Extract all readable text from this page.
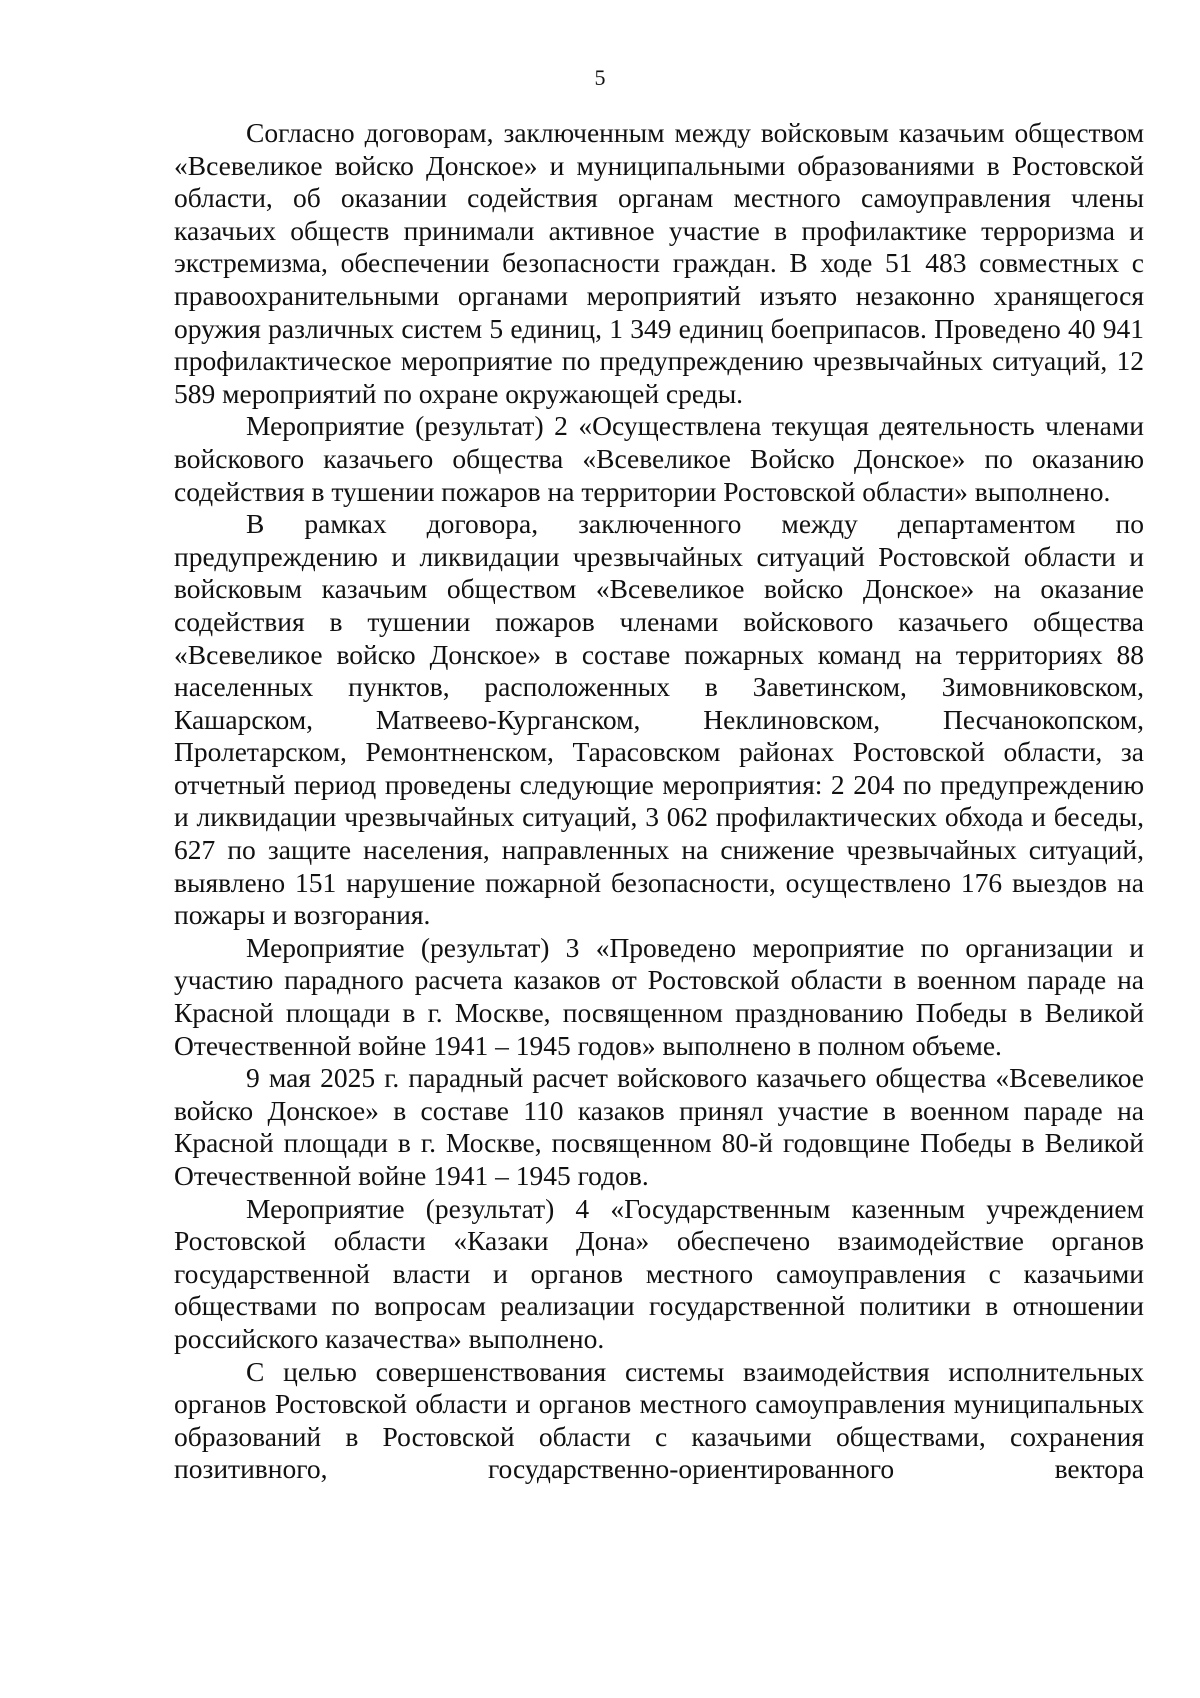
5

Согласно договорам, заключенным между войсковым казачьим обществом «Всевеликое войско Донское» и муниципальными образованиями в Ростовской области, об оказании содействия органам местного самоуправления члены казачьих обществ принимали активное участие в профилактике терроризма и экстремизма, обеспечении безопасности граждан. В ходе 51 483 совместных с правоохранительными органами мероприятий изъято незаконно хранящегося оружия различных систем 5 единиц, 1 349 единиц боеприпасов. Проведено 40 941 профилактическое мероприятие по предупреждению чрезвычайных ситуаций, 12 589 мероприятий по охране окружающей среды.

Мероприятие (результат) 2 «Осуществлена текущая деятельность членами войскового казачьего общества «Всевеликое Войско Донское» по оказанию содействия в тушении пожаров на территории Ростовской области» выполнено.

В рамках договора, заключенного между департаментом по предупреждению и ликвидации чрезвычайных ситуаций Ростовской области и войсковым казачьим обществом «Всевеликое войско Донское» на оказание содействия в тушении пожаров членами войскового казачьего общества «Всевеликое войско Донское» в составе пожарных команд на территориях 88 населенных пунктов, расположенных в Заветинском, Зимовниковском, Кашарском, Матвеево-Курганском, Неклиновском, Песчанокопском, Пролетарском, Ремонтненском, Тарасовском районах Ростовской области, за отчетный период проведены следующие мероприятия: 2 204 по предупреждению и ликвидации чрезвычайных ситуаций, 3 062 профилактических обхода и беседы, 627 по защите населения, направленных на снижение чрезвычайных ситуаций, выявлено 151 нарушение пожарной безопасности, осуществлено 176 выездов на пожары и возгорания.

Мероприятие (результат) 3 «Проведено мероприятие по организации и участию парадного расчета казаков от Ростовской области в военном параде на Красной площади в г. Москве, посвященном празднованию Победы в Великой Отечественной войне 1941 – 1945 годов» выполнено в полном объеме.

9 мая 2025 г. парадный расчет войскового казачьего общества «Всевеликое войско Донское» в составе 110 казаков принял участие в военном параде на Красной площади в г. Москве, посвященном 80-й годовщине Победы в Великой Отечественной войне 1941 – 1945 годов.

Мероприятие (результат) 4 «Государственным казенным учреждением Ростовской области «Казаки Дона» обеспечено взаимодействие органов государственной власти и органов местного самоуправления с казачьими обществами по вопросам реализации государственной политики в отношении российского казачества» выполнено.

С целью совершенствования системы взаимодействия исполнительных органов Ростовской области и органов местного самоуправления муниципальных образований в Ростовской области с казачьими обществами, сохранения позитивного, государственно-ориентированного вектора
